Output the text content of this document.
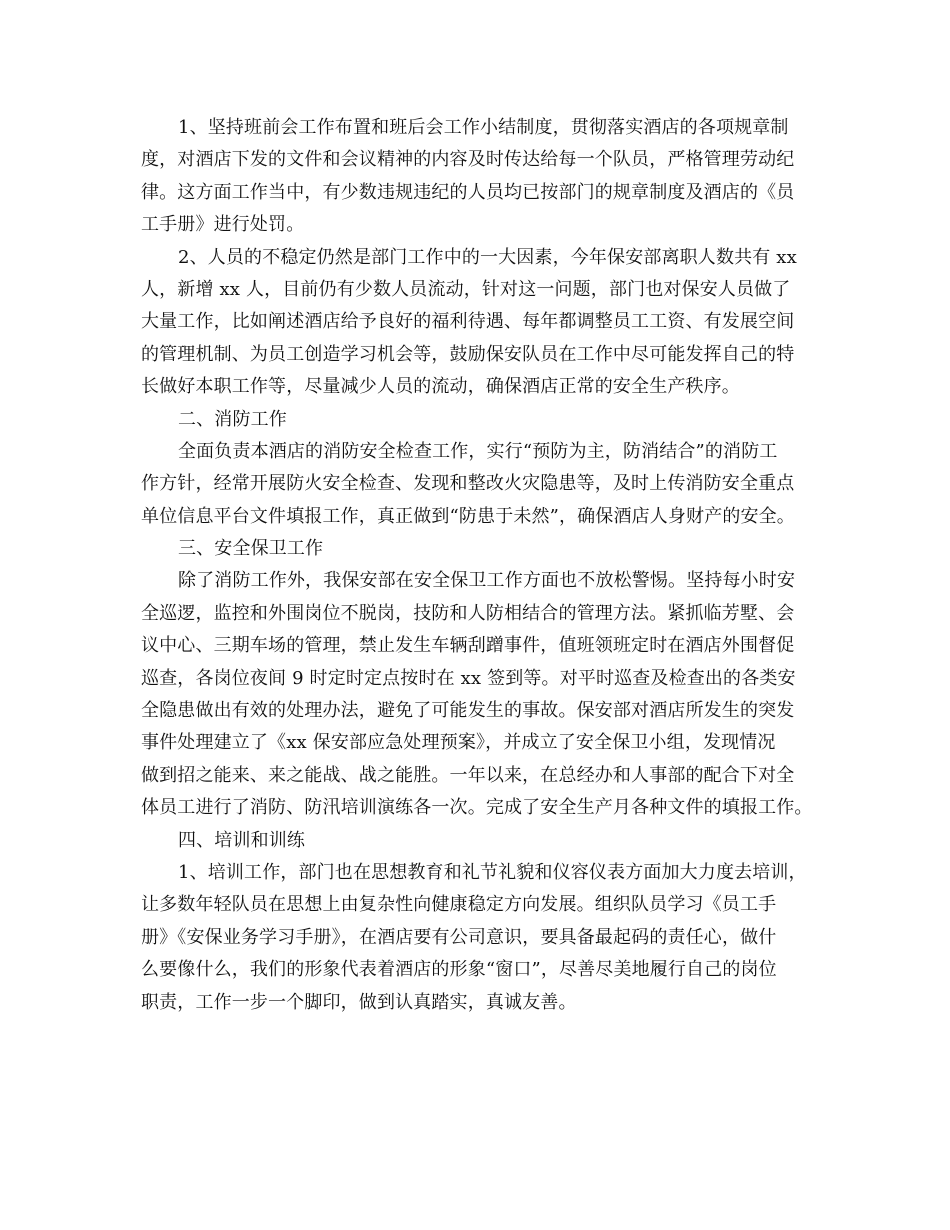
1、坚持班前会工作布置和班后会工作小结制度，贯彻落实酒店的各项规章制
度，对酒店下发的文件和会议精神的内容及时传达给每一个队员，严格管理劳动纪
律。这方面工作当中，有少数违规违纪的人员均已按部门的规章制度及酒店的《员
工手册》进行处罚。
2、人员的不稳定仍然是部门工作中的一大因素，今年保安部离职人数共有 xx
人，新增 xx 人，目前仍有少数人员流动，针对这一问题，部门也对保安人员做了
大量工作，比如阐述酒店给予良好的福利待遇、每年都调整员工工资、有发展空间
的管理机制、为员工创造学习机会等，鼓励保安队员在工作中尽可能发挥自己的特
长做好本职工作等，尽量减少人员的流动，确保酒店正常的安全生产秩序。
二、消防工作
全面负责本酒店的消防安全检查工作，实行“预防为主，防消结合”的消防工
作方针，经常开展防火安全检查、发现和整改火灾隐患等，及时上传消防安全重点
单位信息平台文件填报工作，真正做到“防患于未然”，确保酒店人身财产的安全。
三、安全保卫工作
除了消防工作外，我保安部在安全保卫工作方面也不放松警惕。坚持每小时安
全巡逻，监控和外围岗位不脱岗，技防和人防相结合的管理方法。紧抓临芳墅、会
议中心、三期车场的管理，禁止发生车辆刮蹭事件，值班领班定时在酒店外围督促
巡查，各岗位夜间 9 时定时定点按时在 xx 签到等。对平时巡查及检查出的各类安
全隐患做出有效的处理办法，避免了可能发生的事故。保安部对酒店所发生的突发
事件处理建立了《xx 保安部应急处理预案》，并成立了安全保卫小组，发现情况
做到招之能来、来之能战、战之能胜。一年以来，在总经办和人事部的配合下对全
体员工进行了消防、防汛培训演练各一次。完成了安全生产月各种文件的填报工作。
四、培训和训练
1、培训工作，部门也在思想教育和礼节礼貌和仪容仪表方面加大力度去培训，
让多数年轻队员在思想上由复杂性向健康稳定方向发展。组织队员学习《员工手
册》《安保业务学习手册》，在酒店要有公司意识，要具备最起码的责任心，做什
么要像什么，我们的形象代表着酒店的形象“窗口”，尽善尽美地履行自己的岗位
职责，工作一步一个脚印，做到认真踏实，真诚友善。
